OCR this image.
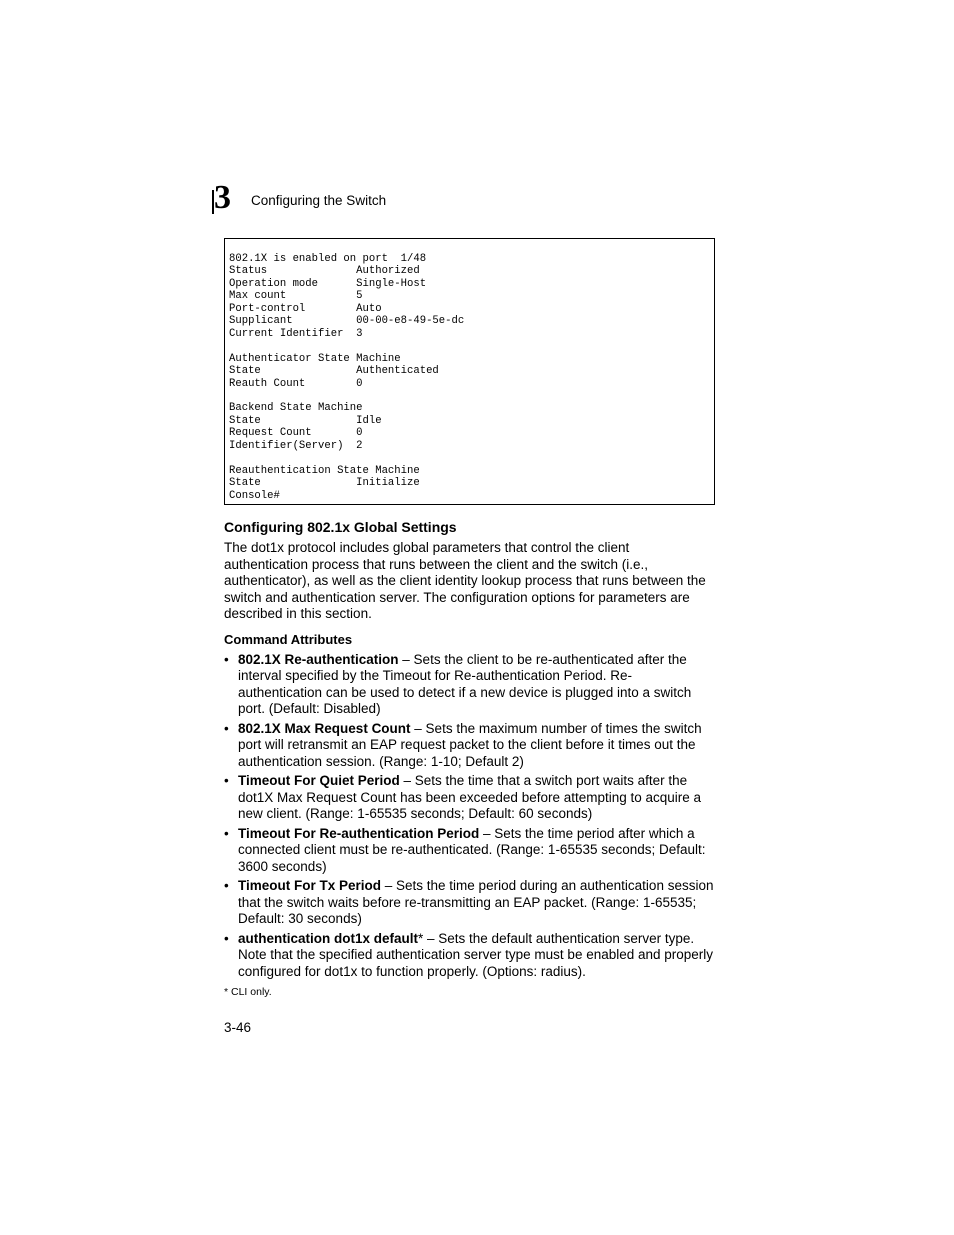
3 Configuring the Switch
802.1X is enabled on port  1/48
Status              Authorized
Operation mode      Single-Host
Max count           5
Port-control        Auto
Supplicant          00-00-e8-49-5e-dc
Current Identifier  3

Authenticator State Machine
State               Authenticated
Reauth Count        0

Backend State Machine
State               Idle
Request Count       0
Identifier(Server)  2

Reauthentication State Machine
State               Initialize
Console#
Configuring 802.1x Global Settings

The dot1x protocol includes global parameters that control the client authentication process that runs between the client and the switch (i.e., authenticator), as well as the client identity lookup process that runs between the switch and authentication server. The configuration options for parameters are described in this section.

Command Attributes
• 802.1X Re-authentication – Sets the client to be re-authenticated after the interval specified by the Timeout for Re-authentication Period. Re-authentication can be used to detect if a new device is plugged into a switch port. (Default: Disabled)
• 802.1X Max Request Count – Sets the maximum number of times the switch port will retransmit an EAP request packet to the client before it times out the authentication session. (Range: 1-10; Default 2)
• Timeout For Quiet Period – Sets the time that a switch port waits after the dot1X Max Request Count has been exceeded before attempting to acquire a new client. (Range: 1-65535 seconds; Default: 60 seconds)
• Timeout For Re-authentication Period – Sets the time period after which a connected client must be re-authenticated. (Range: 1-65535 seconds; Default: 3600 seconds)
• Timeout For Tx Period – Sets the time period during an authentication session that the switch waits before re-transmitting an EAP packet. (Range: 1-65535; Default: 30 seconds)
• authentication dot1x default* – Sets the default authentication server type. Note that the specified authentication server type must be enabled and properly configured for dot1x to function properly. (Options: radius).
* CLI only.
3-46
